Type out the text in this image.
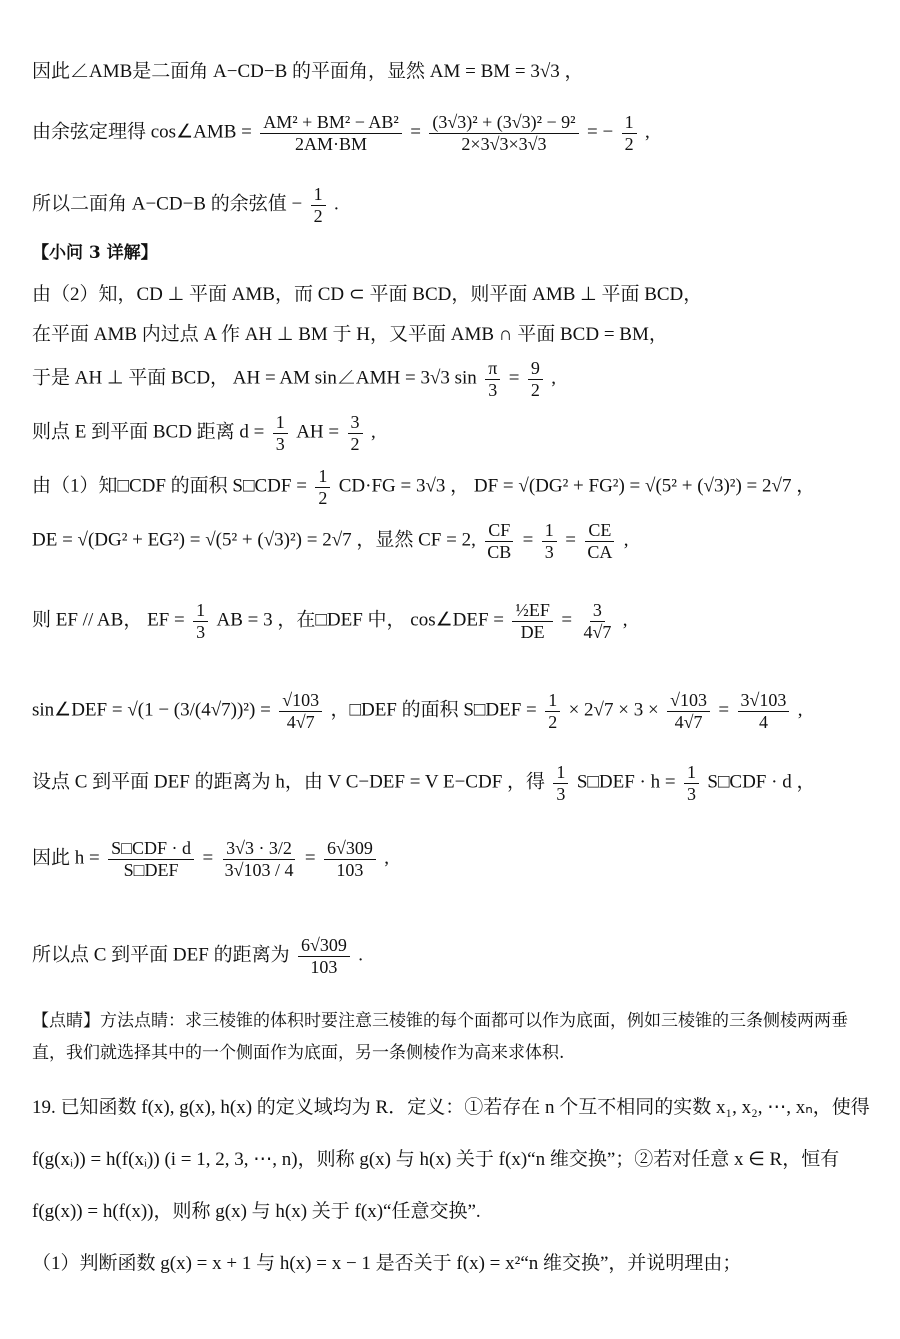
因此∠AMB是二面角 A−CD−B 的平面角，显然 AM = BM = 3√3 ，
由余弦定理得 cos∠AMB = $\frac{\text{AM² + BM² − AB²}}{2AM\cdot BM} = \frac{\text{(3√3)² + (3√3)² − 9²}}{2\times 3√3\times 3√3}$ = − $\frac{1}{2}$ ,
所以二面角 A−CD−B 的余弦值 − $\frac{1}{2}$ .
【小问 3 详解】
由（2）知，CD ⊥ 平面 AMB，而 CD ⊂ 平面 BCD，则平面 AMB ⊥ 平面 BCD，
在平面 AMB 内过点 A 作 AH ⊥ BM 于 H，又平面 AMB ∩ 平面 BCD = BM，
于是 AH ⊥ 平面 BCD， AH = AM sin∠AMH = 3√3 $\sin \frac{\pi}{3} = \frac{9}{2}$ ,
则点 E 到平面 BCD 距离 $d = \frac{1}{3}$ AH = $\frac{3}{2}$ ,
由（1）知□CDF 的面积 S□CDF = $\frac{1}{2} CD\cdot FG = 3√3$ ， DF = √(DG² + FG²) = √(5² + (√3)²) = 2√7 ，
DE = √(DG² + EG²) = √(5² + (√3)²) = 2√7 ，显然 CF = 2, $\frac{CF}{CB} = \frac{1}{3} = \frac{CE}{CA}$ ,
则 EF // AB， EF = $\frac{1}{3}$ AB = 3 ，在□DEF 中， cos∠DEF = $\frac{\text{½EF}}{DE} = \frac{3}{4√7}$ ,
sin∠DEF = $√(1 - (3/(4√7))^2) = \frac{√103}{4√7}$ ，□DEF 的面积 S□DEF = $\frac{1}{2} \times 2√7 \times 3 \times \frac{√103}{4√7} = \frac{3√103}{4}$ ,
设点 C 到平面 DEF 的距离为 h，由 V C−DEF = V E−CDF ，得 $\frac{1}{3}$ S□DEF · $h = \frac{1}{3}$ S□CDF · d ，
因此 $h = \frac{\text{S□CDF · d}}{\text{S□DEF}} = \frac{3√3 \cdot 3/2}{3√103 / 4} = \frac{6√309}{103}$ ,
所以点 C 到平面 DEF 的距离为 $\frac{6√309}{103}$ .
【点睛】方法点睛：求三棱锥的体积时要注意三棱锥的每个面都可以作为底面，例如三棱锥的三条侧棱两两垂直，我们就选择其中的一个侧面作为底面，另一条侧棱作为高来求体积.
19. 已知函数 f(x), g(x), h(x) 的定义域均为 R．定义：①若存在 n 个互不相同的实数 x₁, x₂, ⋯, xₙ，使得
f(g(xᵢ)) = h(f(xᵢ)) (i = 1, 2, 3, ⋯, n)，则称 g(x) 与 h(x) 关于 f(x)“n 维交换”；②若对任意 x ∈ R，恒有
f(g(x)) = h(f(x))，则称 g(x) 与 h(x) 关于 f(x)“任意交换”.
（1）判断函数 g(x) = x + 1 与 h(x) = x − 1 是否关于 f(x) = x²“n 维交换”，并说明理由；
